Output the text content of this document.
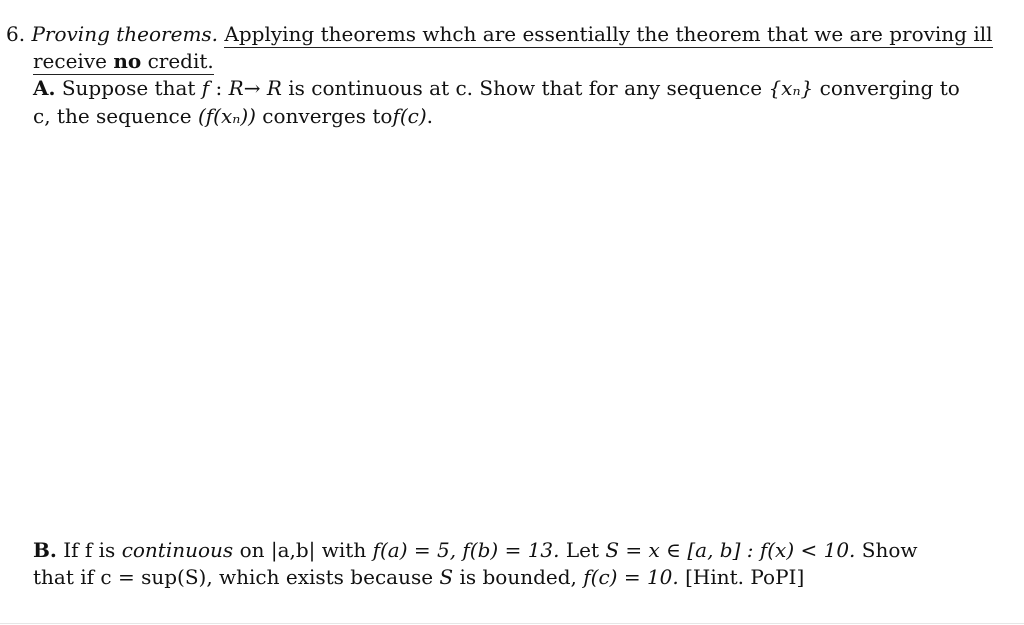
6. Proving theorems. Applying theorems whch are essentially the theorem that we are proving ill
receive no credit.
A. Suppose that f : R→ R is continuous at c. Show that for any sequence {xₙ} converging to
c, the sequence (f(xₙ)) converges tof(c).
B. If f is continuous on |a,b| with f(a) = 5, f(b) = 13. Let S = x ∈ [a, b] : f(x) < 10. Show
that if c = sup(S), which exists because S is bounded, f(c) = 10. [Hint. PoPI]
